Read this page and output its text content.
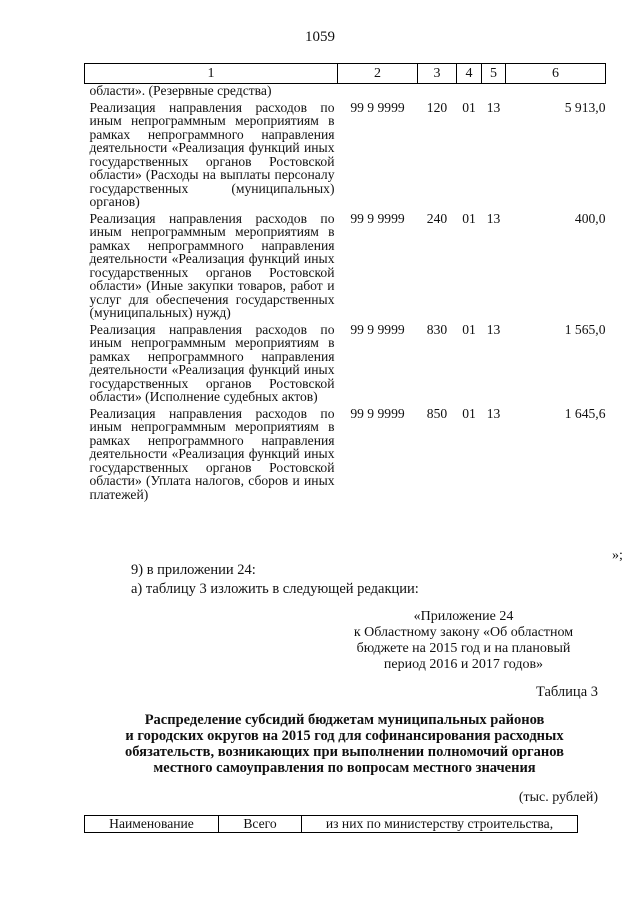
1059
1	2	3	4	5	6
области». (Резервные средства)					
Реализация направления расходов по иным непрограммным мероприятиям в рамках непрограммного направления деятельности «Реализация функций иных государственных органов Ростовской области» (Расходы на выплаты персоналу государственных (муниципальных) органов)	99 9 9999	120	01	13	5 913,0
Реализация направления расходов по иным непрограммным мероприятиям в рамках непрограммного направления деятельности «Реализация функций иных государственных органов Ростовской области» (Иные закупки товаров, работ и услуг для обеспечения государственных (муниципальных) нужд)	99 9 9999	240	01	13	400,0
Реализация направления расходов по иным непрограммным мероприятиям в рамках непрограммного направления деятельности «Реализация функций иных государственных органов Ростовской области» (Исполнение судебных актов)	99 9 9999	830	01	13	1 565,0
Реализация направления расходов по иным непрограммным мероприятиям в рамках непрограммного направления деятельности «Реализация функций иных государственных органов Ростовской области» (Уплата налогов, сборов и иных платежей)	99 9 9999	850	01	13	1 645,6
»;
9) в приложении 24:
а) таблицу 3 изложить в следующей редакции:
«Приложение 24
к Областному закону «Об областном
бюджете на 2015 год и на плановый
период 2016 и 2017 годов»
Таблица 3
Распределение субсидий бюджетам муниципальных районов
и городских округов на 2015 год для софинансирования расходных
обязательств, возникающих при выполнении полномочий органов
местного самоуправления по вопросам местного значения
(тыс. рублей)
Наименование	Всего	из них по министерству строительства,
